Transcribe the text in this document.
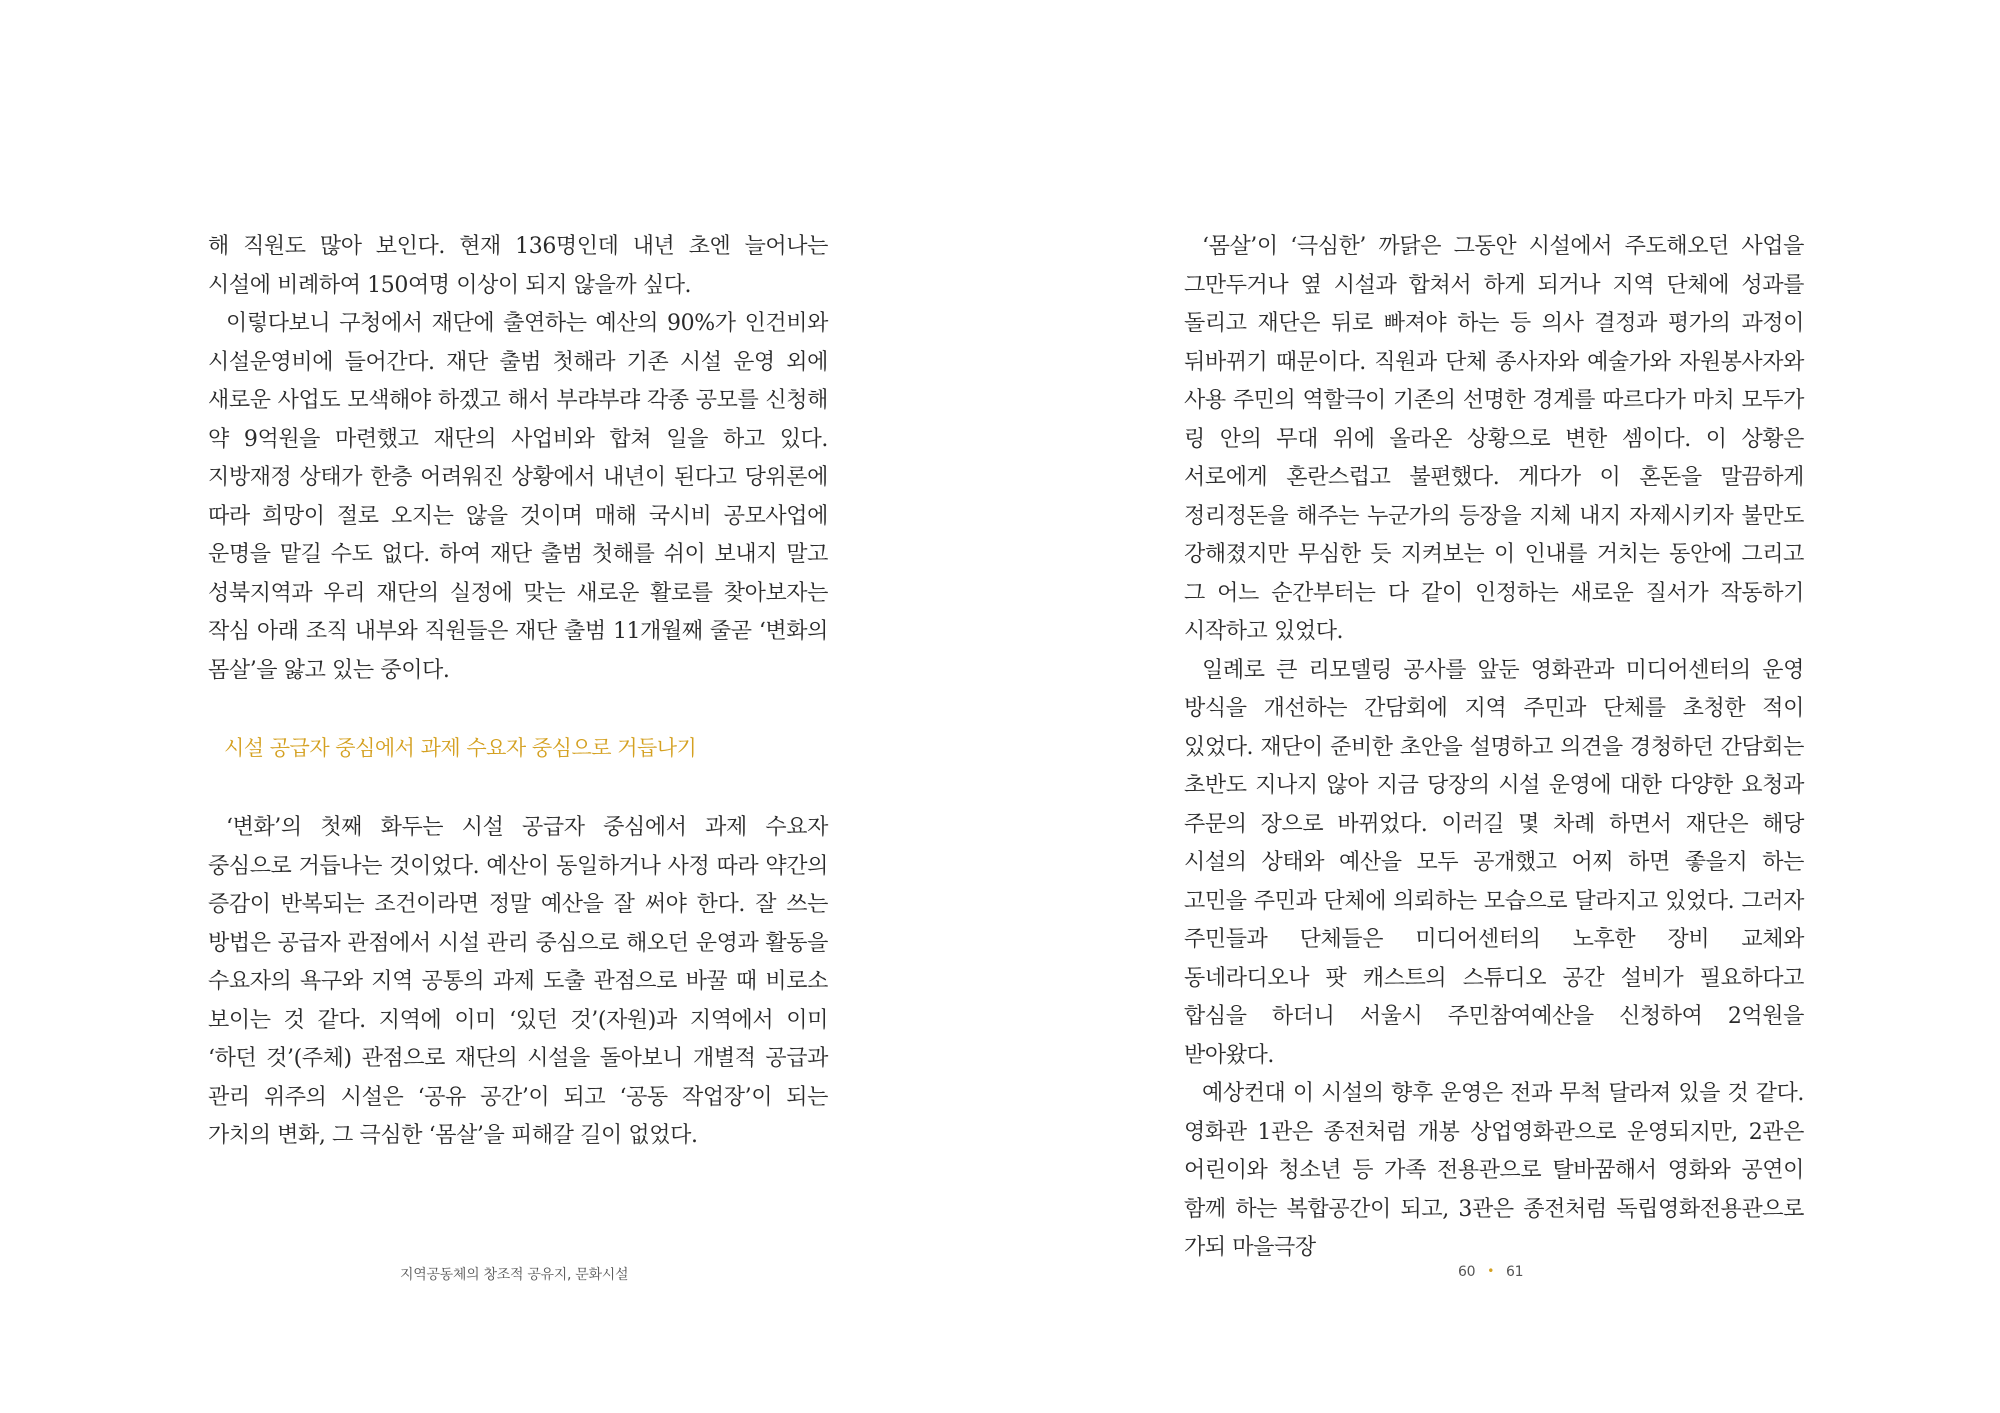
해 직원도 많아 보인다. 현재 136명인데 내년 초엔 늘어나는 시설에 비례하여 150여명 이상이 되지 않을까 싶다.

이렇다보니 구청에서 재단에 출연하는 예산의 90%가 인건비와 시설운영비에 들어간다. 재단 출범 첫해라 기존 시설 운영 외에 새로운 사업도 모색해야 하겠고 해서 부랴부랴 각종 공모를 신청해 약 9억원을 마련했고 재단의 사업비와 합쳐 일을 하고 있다. 지방재정 상태가 한층 어려워진 상황에서 내년이 된다고 당위론에 따라 희망이 절로 오지는 않을 것이며 매해 국시비 공모사업에 운명을 맡길 수도 없다. 하여 재단 출범 첫해를 쉬이 보내지 말고 성북지역과 우리 재단의 실정에 맞는 새로운 활로를 찾아보자는 작심 아래 조직 내부와 직원들은 재단 출범 11개월째 줄곧 ‘변화의 몸살’을 앓고 있는 중이다.

시설 공급자 중심에서 과제 수요자 중심으로 거듭나기

‘변화’의 첫째 화두는 시설 공급자 중심에서 과제 수요자 중심으로 거듭나는 것이었다. 예산이 동일하거나 사정 따라 약간의 증감이 반복되는 조건이라면 정말 예산을 잘 써야 한다. 잘 쓰는 방법은 공급자 관점에서 시설 관리 중심으로 해오던 운영과 활동을 수요자의 욕구와 지역 공통의 과제 도출 관점으로 바꿀 때 비로소 보이는 것 같다. 지역에 이미 ‘있던 것’(자원)과 지역에서 이미 ‘하던 것’(주체) 관점으로 재단의 시설을 돌아보니 개별적 공급과 관리 위주의 시설은 ‘공유 공간’이 되고 ‘공동 작업장’이 되는 가치의 변화, 그 극심한 ‘몸살’을 피해갈 길이 없었다.

‘몸살’이 ‘극심한’ 까닭은 그동안 시설에서 주도해오던 사업을 그만두거나 옆 시설과 합쳐서 하게 되거나 지역 단체에 성과를 돌리고 재단은 뒤로 빠져야 하는 등 의사 결정과 평가의 과정이 뒤바뀌기 때문이다. 직원과 단체 종사자와 예술가와 자원봉사자와 사용 주민의 역할극이 기존의 선명한 경계를 따르다가 마치 모두가 링 안의 무대 위에 올라온 상황으로 변한 셈이다. 이 상황은 서로에게 혼란스럽고 불편했다. 게다가 이 혼돈을 말끔하게 정리정돈을 해주는 누군가의 등장을 지체 내지 자제시키자 불만도 강해졌지만 무심한 듯 지켜보는 이 인내를 거치는 동안에 그리고 그 어느 순간부터는 다 같이 인정하는 새로운 질서가 작동하기 시작하고 있었다.

일례로 큰 리모델링 공사를 앞둔 영화관과 미디어센터의 운영 방식을 개선하는 간담회에 지역 주민과 단체를 초청한 적이 있었다. 재단이 준비한 초안을 설명하고 의견을 경청하던 간담회는 초반도 지나지 않아 지금 당장의 시설 운영에 대한 다양한 요청과 주문의 장으로 바뀌었다. 이러길 몇 차례 하면서 재단은 해당 시설의 상태와 예산을 모두 공개했고 어찌 하면 좋을지 하는 고민을 주민과 단체에 의뢰하는 모습으로 달라지고 있었다. 그러자 주민들과 단체들은 미디어센터의 노후한 장비 교체와 동네라디오나 팟 캐스트의 스튜디오 공간 설비가 필요하다고 합심을 하더니 서울시 주민참여예산을 신청하여 2억원을 받아왔다.

예상컨대 이 시설의 향후 운영은 전과 무척 달라져 있을 것 같다. 영화관 1관은 종전처럼 개봉 상업영화관으로 운영되지만, 2관은 어린이와 청소년 등 가족 전용관으로 탈바꿈해서 영화와 공연이 함께 하는 복합공간이 되고, 3관은 종전처럼 독립영화전용관으로 가되 마을극장

지역공동체의 창조적 공유지, 문화시설	60 • 61
